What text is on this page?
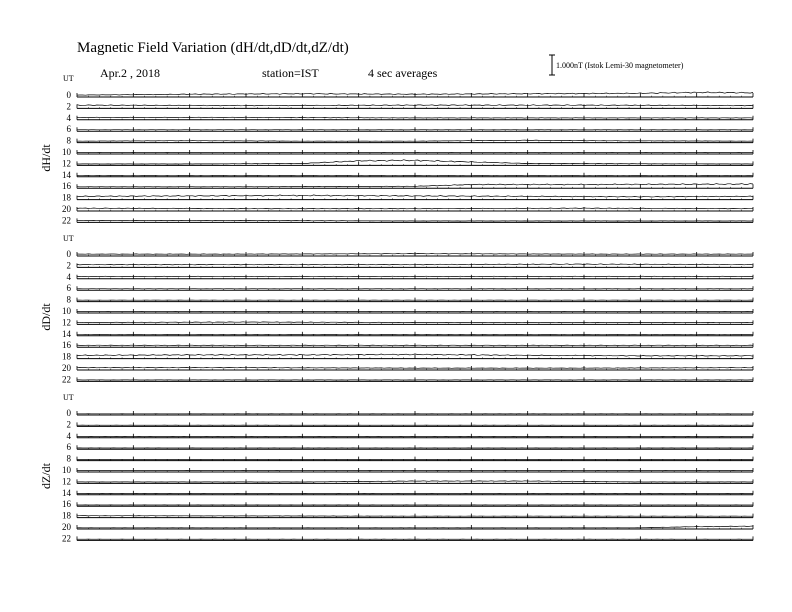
Magnetic Field Variation (dH/dt,dD/dt,dZ/dt)
Apr.2 , 2018	station=IST	4 sec averages
1.000nT (Istok Lemi-30 magnetometer)
UT
dH/dt
0
2
4
6
8
10
12
14
16
18
20
22
UT
dD/dt
0
2
4
6
8
10
12
14
16
18
20
22
UT
dZ/dt
0
2
4
6
8
10
12
14
16
18
20
22
